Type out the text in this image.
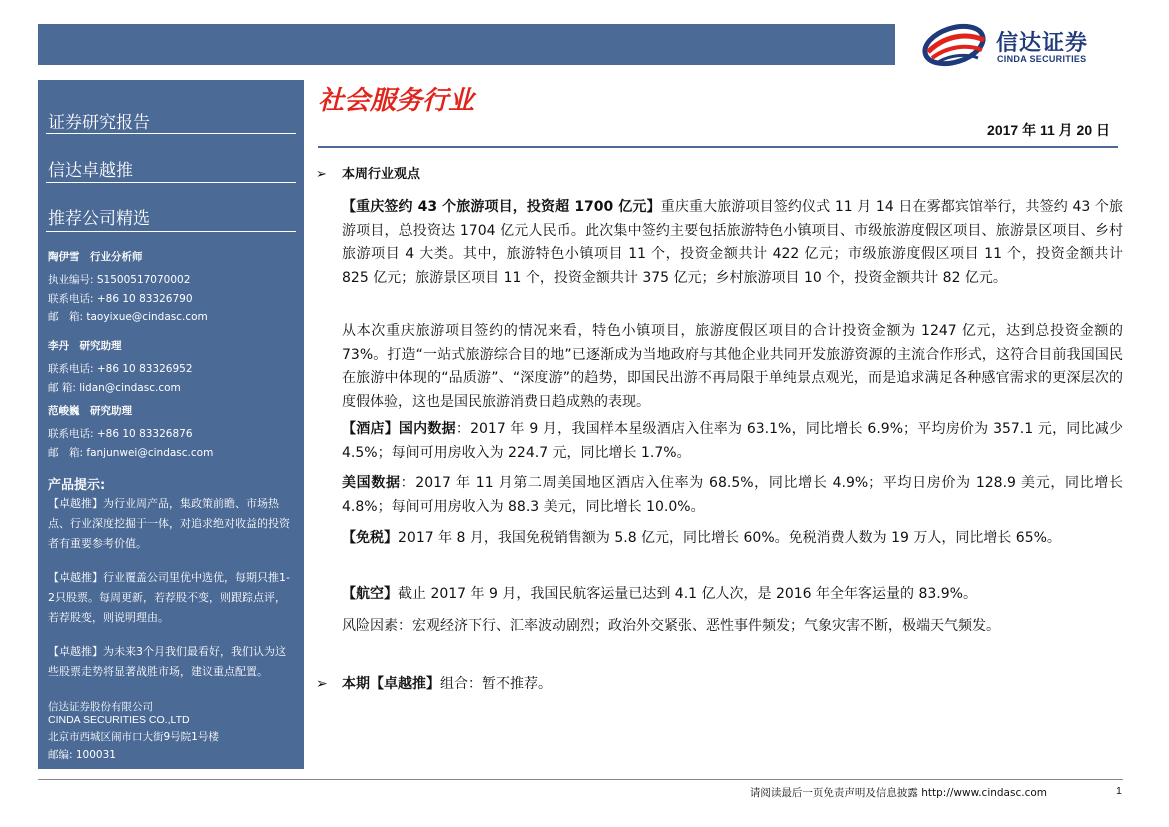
信达证券
CINDA SECURITIES
证券研究报告
信达卓越推
推荐公司精选
陶伊雪　行业分析师
执业编号: S1500517070002
联系电话: +86 10 83326790
邮　箱: taoyixue@cindasc.com
李丹　研究助理
联系电话: +86 10 83326952
邮 箱: lidan@cindasc.com
范峻巍　研究助理
联系电话: +86 10 83326876
邮　箱: fanjunwei@cindasc.com
产品提示:
【卓越推】为行业周产品，集政策前瞻、市场热点、行业深度挖掘于一体，对追求绝对收益的投资者有重要参考价值。
【卓越推】行业覆盖公司里优中选优，每期只推1-2只股票。每周更新，若荐股不变，则跟踪点评，若荐股变，则说明理由。
【卓越推】为未来3个月我们最看好，我们认为这些股票走势将显著战胜市场，建议重点配置。
信达证券股份有限公司
CINDA SECURITIES CO.,LTD
北京市西城区闹市口大街9号院1号楼
邮编: 100031
社会服务行业
2017 年 11 月 20 日
➢ 本周行业观点
【重庆签约 43 个旅游项目，投资超 1700 亿元】重庆重大旅游项目签约仪式 11 月 14 日在雾都宾馆举行，共签约 43 个旅游项目，总投资达 1704 亿元人民币。此次集中签约主要包括旅游特色小镇项目、市级旅游度假区项目、旅游景区项目、乡村旅游项目 4 大类。其中，旅游特色小镇项目 11 个，投资金额共计 422 亿元；市级旅游度假区项目 11 个，投资金额共计 825 亿元；旅游景区项目 11 个，投资金额共计 375 亿元；乡村旅游项目 10 个，投资金额共计 82 亿元。
从本次重庆旅游项目签约的情况来看，特色小镇项目，旅游度假区项目的合计投资金额为 1247 亿元，达到总投资金额的 73%。打造“一站式旅游综合目的地”已逐渐成为当地政府与其他企业共同开发旅游资源的主流合作形式，这符合目前我国国民在旅游中体现的“品质游”、“深度游”的趋势，即国民出游不再局限于单纯景点观光，而是追求满足各种感官需求的更深层次的度假体验，这也是国民旅游消费日趋成熟的表现。
【酒店】国内数据：2017 年 9 月，我国样本星级酒店入住率为 63.1%，同比增长 6.9%；平均房价为 357.1 元，同比减少 4.5%；每间可用房收入为 224.7 元，同比增长 1.7%。
美国数据：2017 年 11 月第二周美国地区酒店入住率为 68.5%，同比增长 4.9%；平均日房价为 128.9 美元，同比增长 4.8%；每间可用房收入为 88.3 美元，同比增长 10.0%。
【免税】2017 年 8 月，我国免税销售额为 5.8 亿元，同比增长 60%。免税消费人数为 19 万人，同比增长 65%。
【航空】截止 2017 年 9 月，我国民航客运量已达到 4.1 亿人次，是 2016 年全年客运量的 83.9%。
风险因素：宏观经济下行、汇率波动剧烈；政治外交紧张、恶性事件频发；气象灾害不断，极端天气频发。
➢ 本期【卓越推】组合：暂不推荐。
请阅读最后一页免责声明及信息披露 http://www.cindasc.com	1
